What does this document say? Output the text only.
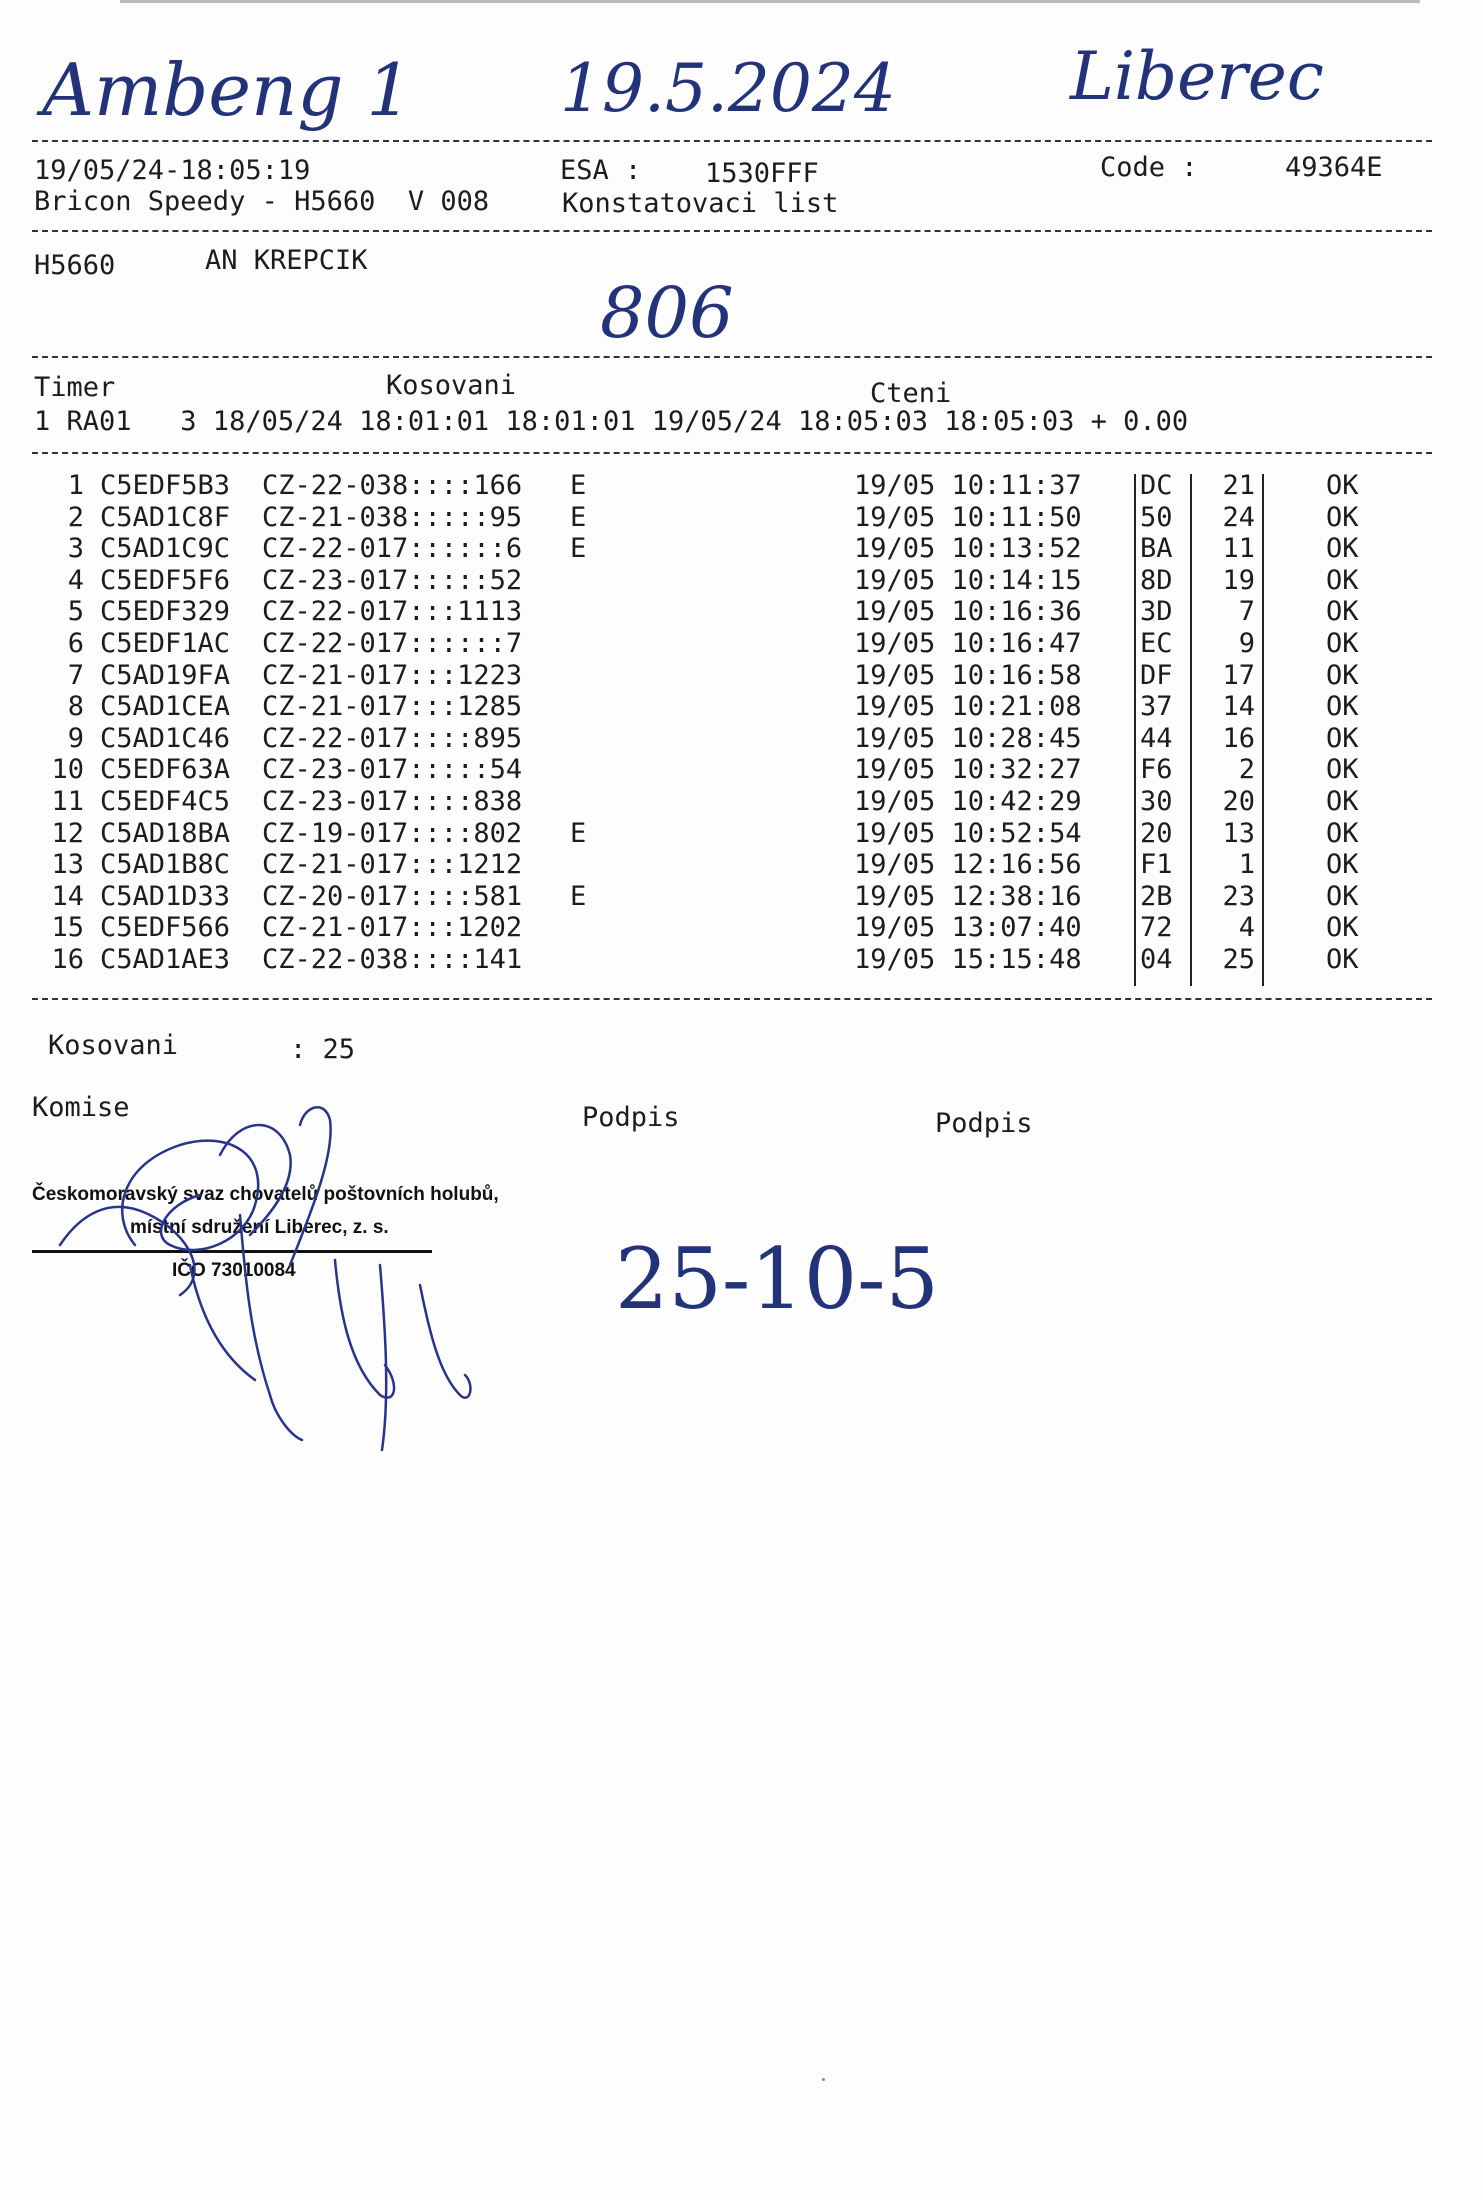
Ambeng 1 19.5.2024	Liberec
19/05/24-18:05:19
Bricon Speedy - H5660  V 008
ESA : 1530FFF
Konstatovaci list
Code :	49364E
H5660	AN KREPCIK
806
Timer	Kosovani	Cteni
1 RA01   3 18/05/24 18:01:01 18:01:01 19/05/24 18:05:03 18:05:03 + 0.00
1 C5EDF5B3 CZ-22-038::::166 E	19/05 10:11:37 DC	21	OK
2 C5AD1C8F CZ-21-038:::::95 E	19/05 10:11:50 50	24	OK
3 C5AD1C9C CZ-22-017::::::6 E	19/05 10:13:52 BA	11	OK
4 C5EDF5F6 CZ-23-017:::::52	19/05 10:14:15 8D	19	OK
5 C5EDF329 CZ-22-017:::1113	19/05 10:16:36 3D	7	OK
6 C5EDF1AC CZ-22-017::::::7	19/05 10:16:47 EC	9	OK
7 C5AD19FA CZ-21-017:::1223	19/05 10:16:58 DF	17	OK
8 C5AD1CEA CZ-21-017:::1285	19/05 10:21:08 37	14	OK
9 C5AD1C46 CZ-22-017::::895	19/05 10:28:45 44	16	OK
10 C5EDF63A CZ-23-017:::::54	19/05 10:32:27 F6	2	OK
11 C5EDF4C5 CZ-23-017::::838	19/05 10:42:29 30	20	OK
12 C5AD18BA CZ-19-017::::802 E	19/05 10:52:54 20	13	OK
13 C5AD1B8C CZ-21-017:::1212	19/05 12:16:56 F1	1	OK
14 C5AD1D33 CZ-20-017::::581 E	19/05 12:38:16 2B	23	OK
15 C5EDF566 CZ-21-017:::1202	19/05 13:07:40 72	4	OK
16 C5AD1AE3 CZ-22-038::::141	19/05 15:15:48 04	25	OK
Kosovani	: 25
Komise	Podpis	Podpis
Českomoravský svaz chovatelů poštovních holubů,
místní sdružení Liberec, z. s.
IČO 73010084	25-10-5
